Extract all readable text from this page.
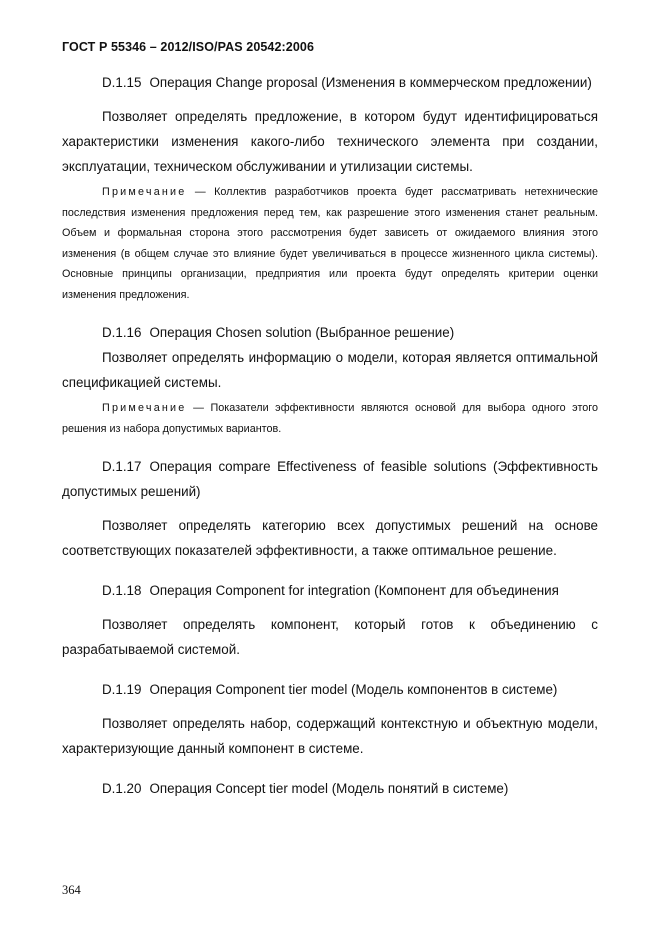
ГОСТ Р 55346 – 2012/ISO/PAS 20542:2006

D.1.15 Операция Change proposal (Изменения в коммерческом предложении)

Позволяет определять предложение, в котором будут идентифицироваться характеристики изменения какого-либо технического элемента при создании, эксплуатации, техническом обслуживании и утилизации системы.

Примечание — Коллектив разработчиков проекта будет рассматривать нетехнические последствия изменения предложения перед тем, как разрешение этого изменения станет реальным. Объем и формальная сторона этого рассмотрения будет зависеть от ожидаемого влияния этого изменения (в общем случае это влияние будет увеличиваться в процессе жизненного цикла системы). Основные принципы организации, предприятия или проекта будут определять критерии оценки изменения предложения.

D.1.16 Операция Chosen solution (Выбранное решение)

Позволяет определять информацию о модели, которая является оптимальной спецификацией системы.

Примечание — Показатели эффективности являются основой для выбора одного этого решения из набора допустимых вариантов.

D.1.17 Операция compare Effectiveness of feasible solutions (Эффективность допустимых решений)

Позволяет определять категорию всех допустимых решений на основе соответствующих показателей эффективности, а также оптимальное решение.

D.1.18 Операция Component for integration (Компонент для объединения

Позволяет определять компонент, который готов к объединению с разрабатываемой системой.

D.1.19 Операция Component tier model (Модель компонентов в системе)

Позволяет определять набор, содержащий контекстную и объектную модели, характеризующие данный компонент в системе.

D.1.20 Операция Concept tier model (Модель понятий в системе)

364
